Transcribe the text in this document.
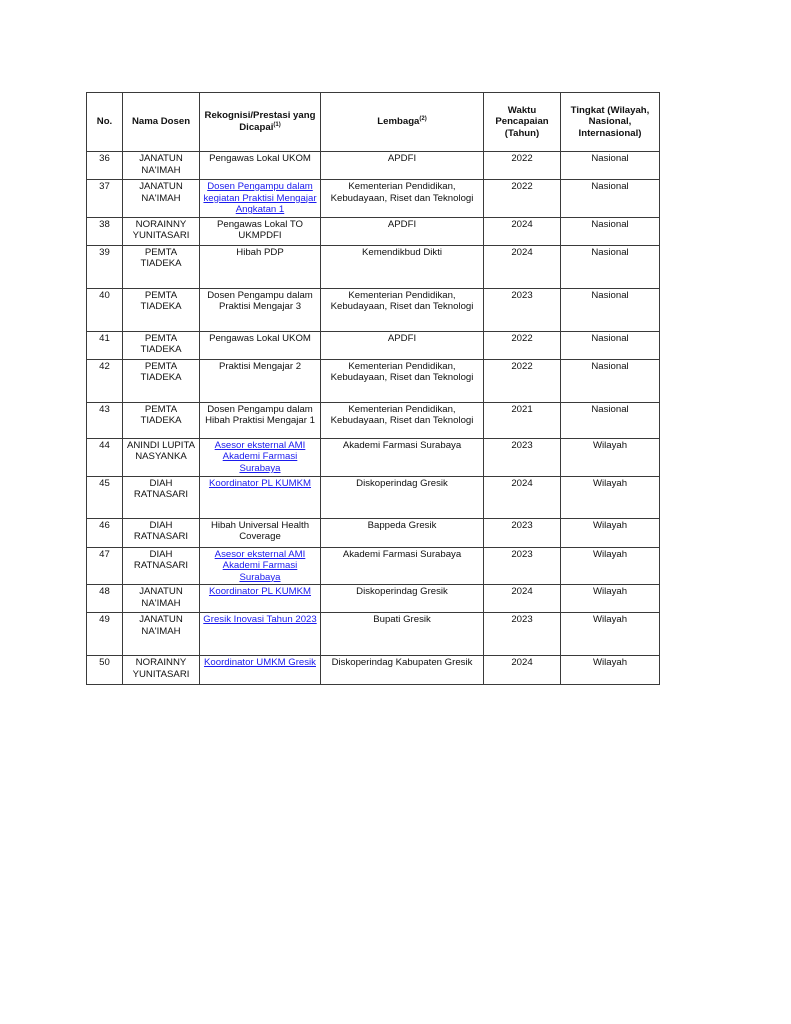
No.	Nama Dosen	Rekognisi/Prestasi yang Dicapai$^{(1)}$	Lembaga$^{(2)}$	Waktu Pencapaian (Tahun)	Tingkat (Wilayah, Nasional, Internasional)
36	JANATUN NA'IMAH	Pengawas Lokal UKOM	APDFI	2022	Nasional
37	JANATUN NA'IMAH	Dosen Pengampu dalam kegiatan Praktisi Mengajar Angkatan 1	Kementerian Pendidikan, Kebudayaan, Riset dan Teknologi	2022	Nasional
38	NORAINNY YUNITASARI	Pengawas Lokal TO UKMPDFI	APDFI	2024	Nasional
39	PEMTA TIADEKA	Hibah PDP	Kemendikbud Dikti	2024	Nasional
40	PEMTA TIADEKA	Dosen Pengampu dalam Praktisi Mengajar 3	Kementerian Pendidikan, Kebudayaan, Riset dan Teknologi	2023	Nasional
41	PEMTA TIADEKA	Pengawas Lokal UKOM	APDFI	2022	Nasional
42	PEMTA TIADEKA	Praktisi Mengajar 2	Kementerian Pendidikan, Kebudayaan, Riset dan Teknologi	2022	Nasional
43	PEMTA TIADEKA	Dosen Pengampu dalam Hibah Praktisi Mengajar 1	Kementerian Pendidikan, Kebudayaan, Riset dan Teknologi	2021	Nasional
44	ANINDI LUPITA NASYANKA	Asesor eksternal AMI Akademi Farmasi Surabaya	Akademi Farmasi Surabaya	2023	Wilayah
45	DIAH RATNASARI	Koordinator PL KUMKM	Diskoperindag Gresik	2024	Wilayah
46	DIAH RATNASARI	Hibah Universal Health Coverage	Bappeda Gresik	2023	Wilayah
47	DIAH RATNASARI	Asesor eksternal AMI Akademi Farmasi Surabaya	Akademi Farmasi Surabaya	2023	Wilayah
48	JANATUN NA'IMAH	Koordinator PL KUMKM	Diskoperindag Gresik	2024	Wilayah
49	JANATUN NA'IMAH	Gresik Inovasi Tahun 2023	Bupati Gresik	2023	Wilayah
50	NORAINNY YUNITASARI	Koordinator UMKM Gresik	Diskoperindag Kabupaten Gresik	2024	Wilayah
